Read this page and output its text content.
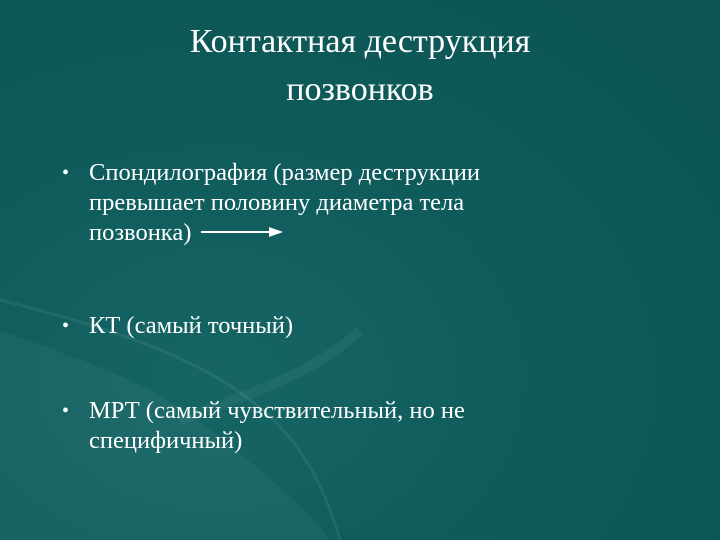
Контактная деструкция
позвонков
• Спондилография (размер деструкции
превышает половину диаметра тела
позвонка)
• КТ (самый точный)
• МРТ (самый чувствительный, но не
специфичный)
